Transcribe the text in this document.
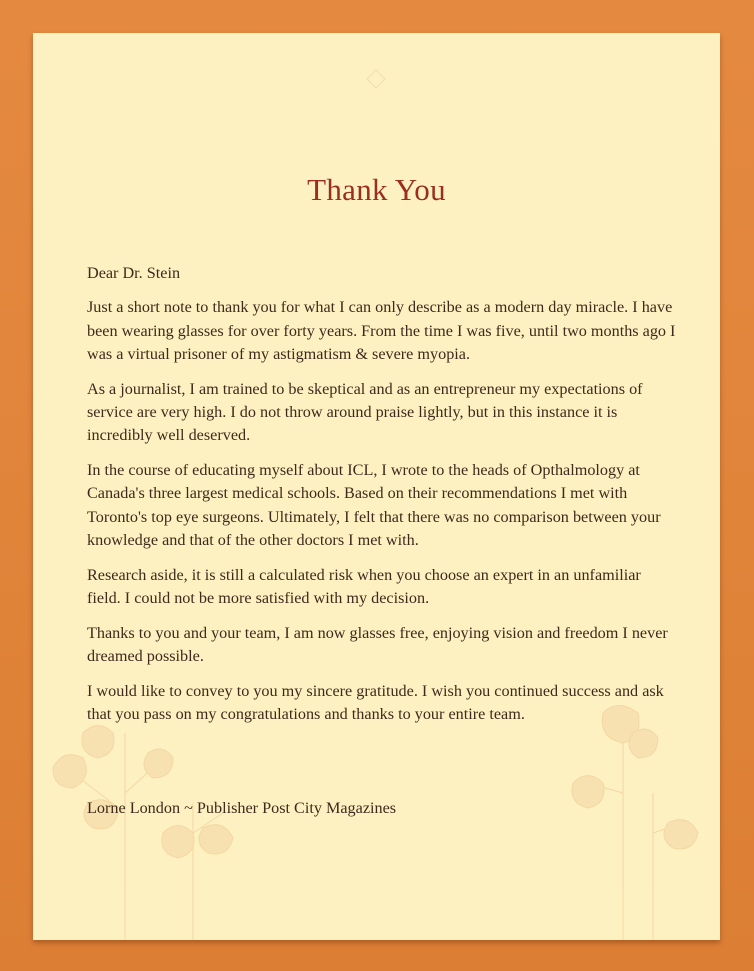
Thank You

Dear Dr. Stein

Just a short note to thank you for what I can only describe as a modern day miracle. I have been wearing glasses for over forty years. From the time I was five, until two months ago I was a virtual prisoner of my astigmatism & severe myopia.

As a journalist, I am trained to be skeptical and as an entrepreneur my expectations of service are very high. I do not throw around praise lightly, but in this instance it is incredibly well deserved.

In the course of educating myself about ICL, I wrote to the heads of Opthalmology at Canada's three largest medical schools. Based on their recommendations I met with Toronto's top eye surgeons. Ultimately, I felt that there was no comparison between your knowledge and that of the other doctors I met with.

Research aside, it is still a calculated risk when you choose an expert in an unfamiliar field. I could not be more satisfied with my decision.

Thanks to you and your team, I am now glasses free, enjoying vision and freedom I never dreamed possible.

I would like to convey to you my sincere gratitude. I wish you continued success and ask that you pass on my congratulations and thanks to your entire team.

Lorne London ~ Publisher Post City Magazines
